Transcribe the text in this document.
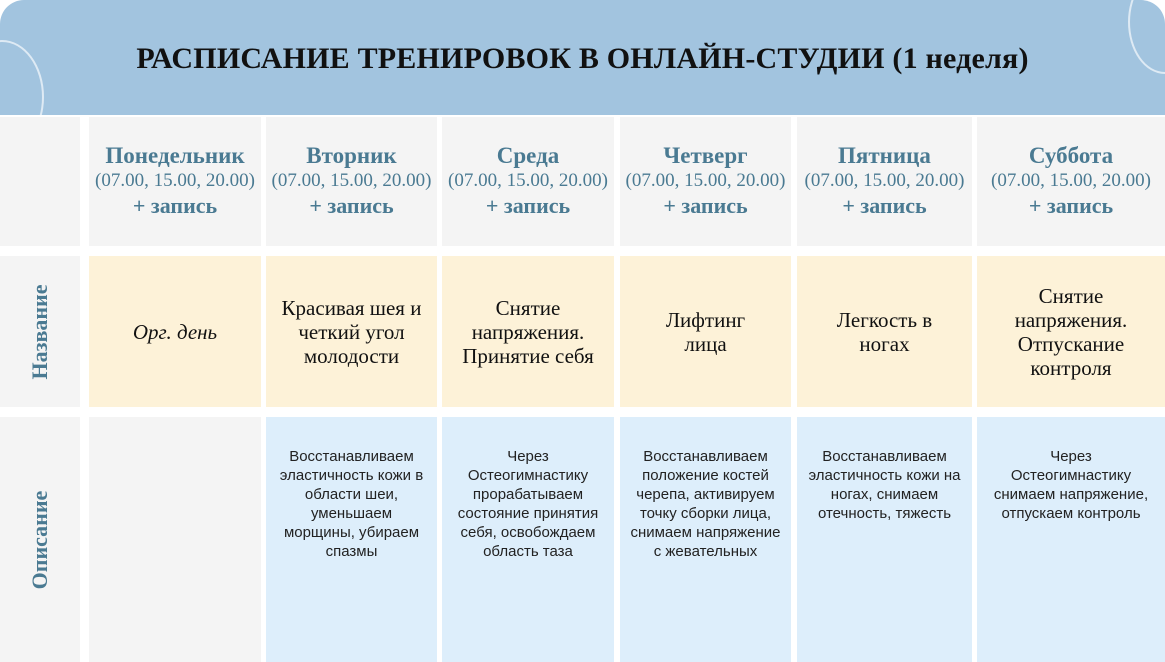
РАСПИСАНИЕ ТРЕНИРОВОК В ОНЛАЙН-СТУДИИ (1 неделя)
Название
Описание
Понедельник
(07.00, 15.00, 20.00)
+ запись
Орг. день
Вторник
(07.00, 15.00, 20.00)
+ запись
Красивая шея и четкий угол молодости
Восстанавливаем эластичность кожи в области шеи, уменьшаем морщины, убираем спазмы
Среда
(07.00, 15.00, 20.00)
+ запись
Снятие напряжения. Принятие себя
Через Остеогимнастику прорабатываем состояние принятия себя, освобождаем область таза
Четверг
(07.00, 15.00, 20.00)
+ запись
Лифтинг лица
Восстанавливаем положение костей черепа, активируем точку сборки лица, снимаем напряжение с жевательных
Пятница
(07.00, 15.00, 20.00)
+ запись
Легкость в ногах
Восстанавливаем эластичность кожи на ногах, снимаем отечность, тяжесть
Суббота
(07.00, 15.00, 20.00)
+ запись
Снятие напряжения. Отпускание контроля
Через Остеогимнастику снимаем напряжение, отпускаем контроль
